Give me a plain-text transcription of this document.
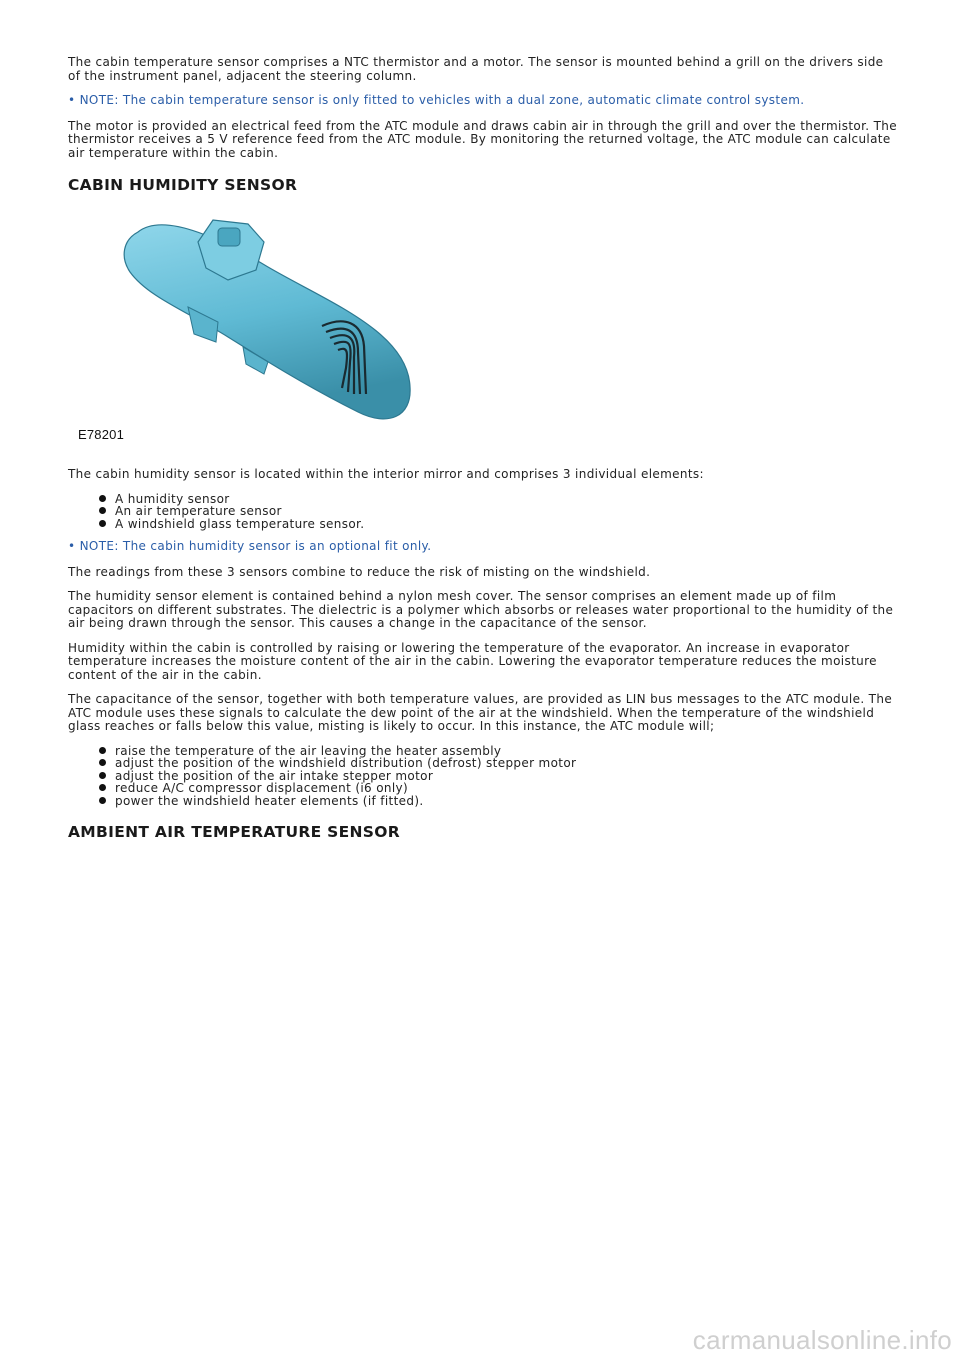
The cabin temperature sensor comprises a NTC thermistor and a motor. The sensor is mounted behind a grill on the drivers side of the instrument panel, adjacent the steering column.

• NOTE: The cabin temperature sensor is only fitted to vehicles with a dual zone, automatic climate control system.

The motor is provided an electrical feed from the ATC module and draws cabin air in through the grill and over the thermistor. The thermistor receives a 5 V reference feed from the ATC module. By monitoring the returned voltage, the ATC module can calculate air temperature within the cabin.

CABIN HUMIDITY SENSOR
E78201

The cabin humidity sensor is located within the interior mirror and comprises 3 individual elements:

A humidity sensor
An air temperature sensor
A windshield glass temperature sensor.

• NOTE: The cabin humidity sensor is an optional fit only.

The readings from these 3 sensors combine to reduce the risk of misting on the windshield.

The humidity sensor element is contained behind a nylon mesh cover. The sensor comprises an element made up of film capacitors on different substrates. The dielectric is a polymer which absorbs or releases water proportional to the humidity of the air being drawn through the sensor. This causes a change in the capacitance of the sensor.

Humidity within the cabin is controlled by raising or lowering the temperature of the evaporator. An increase in evaporator temperature increases the moisture content of the air in the cabin. Lowering the evaporator temperature reduces the moisture content of the air in the cabin.

The capacitance of the sensor, together with both temperature values, are provided as LIN bus messages to the ATC module. The ATC module uses these signals to calculate the dew point of the air at the windshield. When the temperature of the windshield glass reaches or falls below this value, misting is likely to occur. In this instance, the ATC module will;

raise the temperature of the air leaving the heater assembly
adjust the position of the windshield distribution (defrost) stepper motor
adjust the position of the air intake stepper motor
reduce A/C compressor displacement (i6 only)
power the windshield heater elements (if fitted).
AMBIENT AIR TEMPERATURE SENSOR
carmanualsonline.info
